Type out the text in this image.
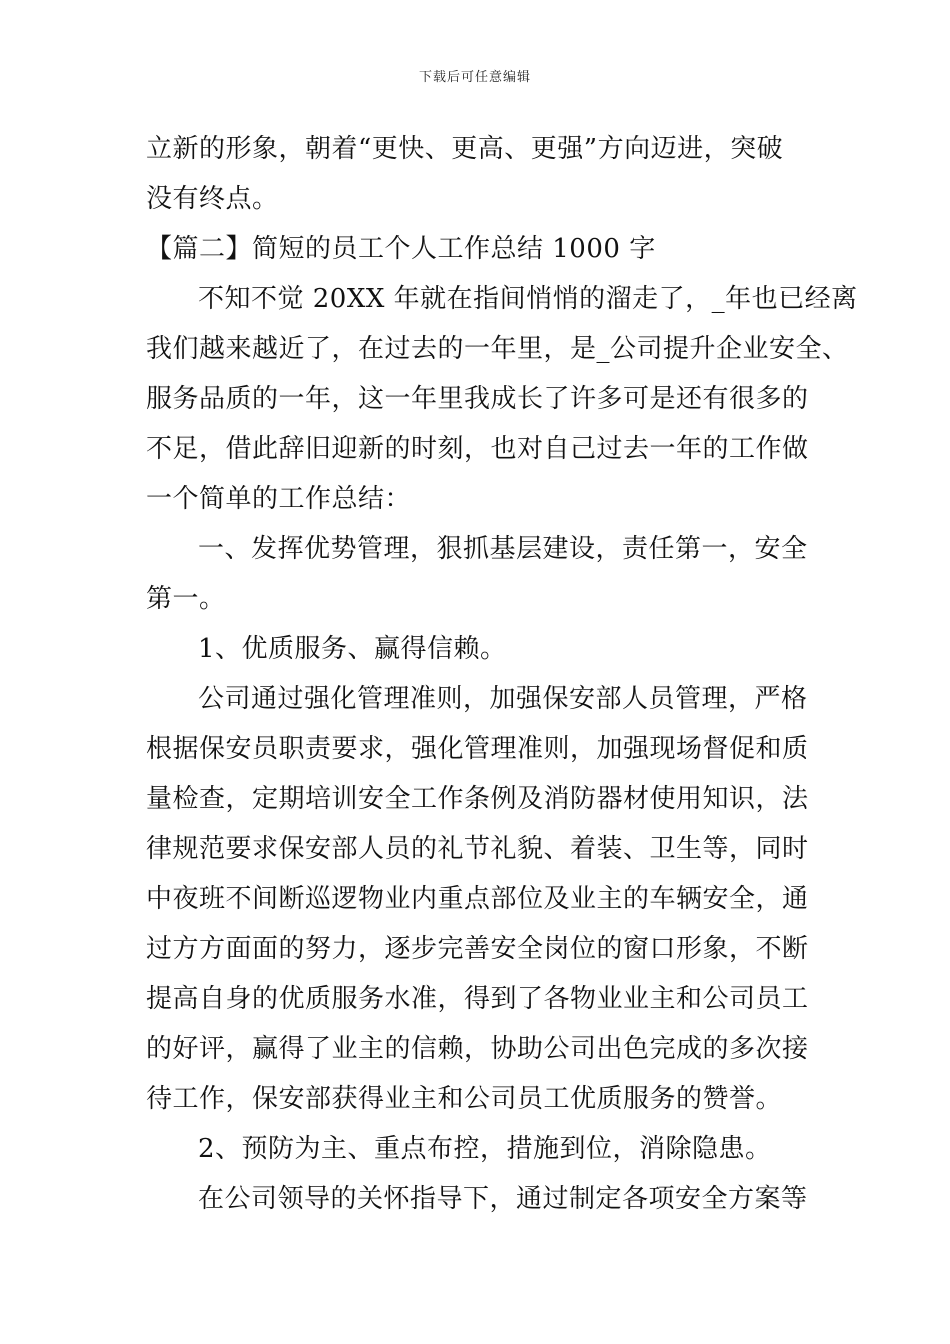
下载后可任意编辑
立新的形象，朝着“更快、更高、更强”方向迈进，突破
没有终点。
【篇二】简短的员工个人工作总结 1000 字
不知不觉 20XX 年就在指间悄悄的溜走了，_年也已经离
我们越来越近了，在过去的一年里，是_公司提升企业安全、
服务品质的一年，这一年里我成长了许多可是还有很多的
不足，借此辞旧迎新的时刻，也对自己过去一年的工作做
一个简单的工作总结：
一、发挥优势管理，狠抓基层建设，责任第一，安全
第一。
1、优质服务、赢得信赖。
公司通过强化管理准则，加强保安部人员管理，严格
根据保安员职责要求，强化管理准则，加强现场督促和质
量检查，定期培训安全工作条例及消防器材使用知识，法
律规范要求保安部人员的礼节礼貌、着装、卫生等，同时
中夜班不间断巡逻物业内重点部位及业主的车辆安全，通
过方方面面的努力，逐步完善安全岗位的窗口形象，不断
提高自身的优质服务水准，得到了各物业业主和公司员工
的好评，赢得了业主的信赖，协助公司出色完成的多次接
待工作，保安部获得业主和公司员工优质服务的赞誉。
2、预防为主、重点布控，措施到位，消除隐患。
在公司领导的关怀指导下，通过制定各项安全方案等
